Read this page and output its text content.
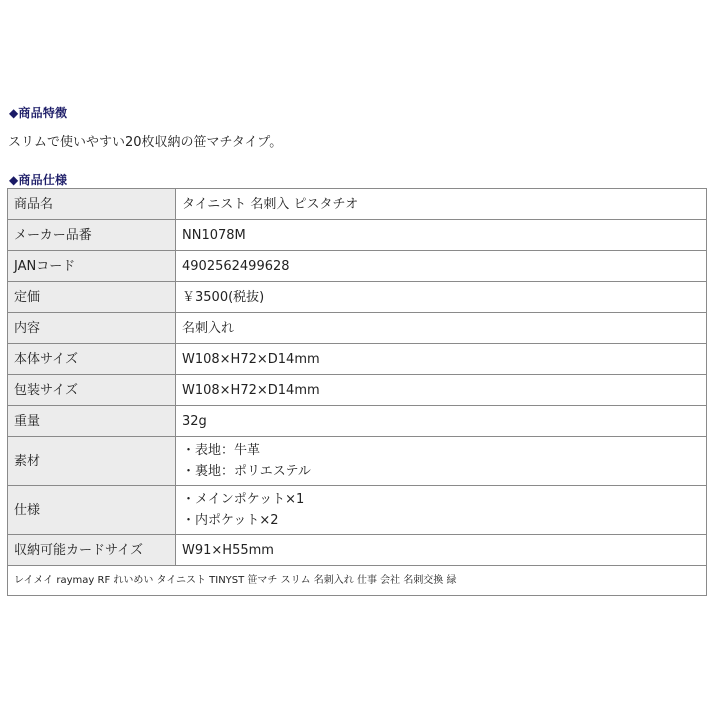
◆商品特徴
スリムで使いやすい20枚収納の笹マチタイプ。
◆商品仕様
商品名	タイニスト 名刺入 ピスタチオ
メーカー品番	NN1078M
JANコード	4902562499628
定価	￥3500(税抜)
内容	名刺入れ
本体サイズ	W108×H72×D14mm
包装サイズ	W108×H72×D14mm
重量	32g
素材	・表地：牛革
・裏地：ポリエステル

仕様	・メインポケット×1
・内ポケット×2

収納可能カードサイズ	W91×H55mm
レイメイ raymay RF れいめい タイニスト TINYST 笹マチ スリム 名刺入れ 仕事 会社 名刺交換 緑	
